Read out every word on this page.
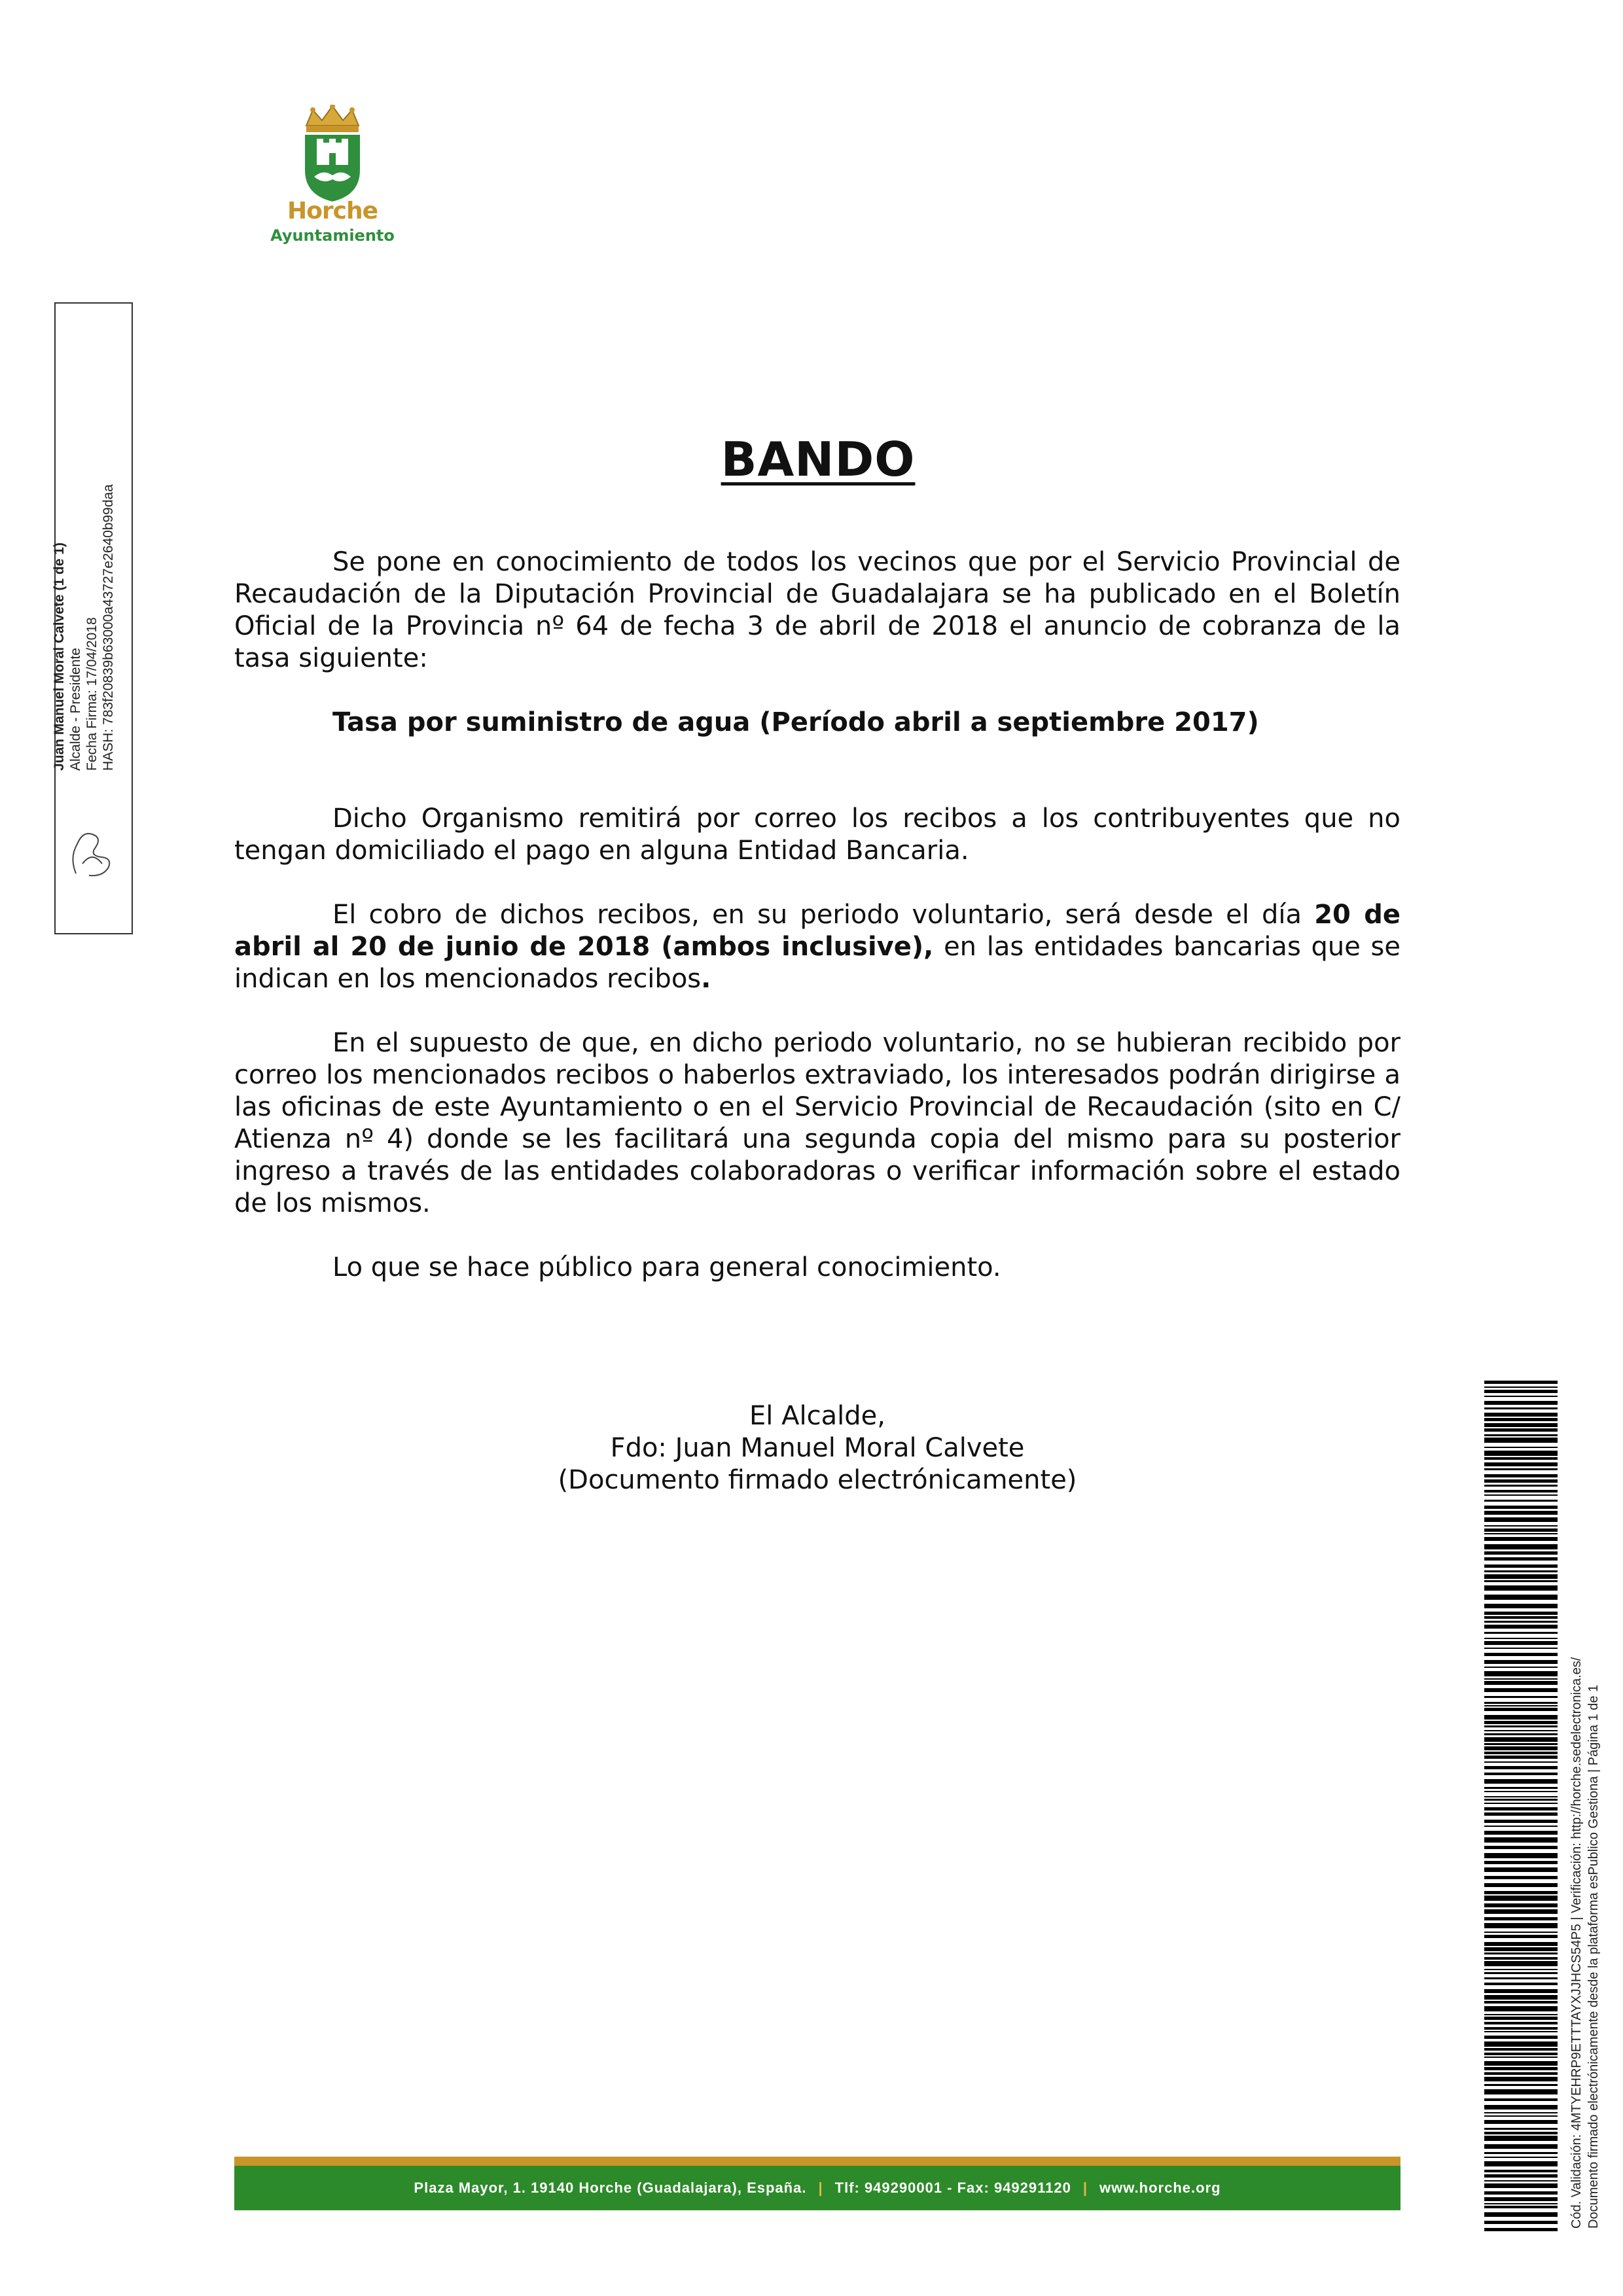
Horche
Ayuntamiento
Juan Manuel Moral Calvete (1 de 1) Alcalde - Presidente Fecha Firma: 17/04/2018 HASH: 783f20839b63000a43727e2640b99daa
BANDO

Se pone en conocimiento de todos los vecinos que por el Servicio Provincial de Recaudación de la Diputación Provincial de Guadalajara se ha publicado en el Boletín Oficial de la Provincia nº 64 de fecha 3 de abril de 2018 el anuncio de cobranza de la tasa siguiente:

Tasa por suministro de agua (Período abril a septiembre 2017)

Dicho Organismo remitirá por correo los recibos a los contribuyentes que no tengan domiciliado el pago en alguna Entidad Bancaria.

El cobro de dichos recibos, en su periodo voluntario, será desde el día 20 de abril al 20 de junio de 2018 (ambos inclusive), en las entidades bancarias que se indican en los mencionados recibos.

En el supuesto de que, en dicho periodo voluntario, no se hubieran recibido por correo los mencionados recibos o haberlos extraviado, los interesados podrán dirigirse a las oficinas de este Ayuntamiento o en el Servicio Provincial de Recaudación (sito en C/ Atienza nº 4) donde se les facilitará una segunda copia del mismo para su posterior ingreso a través de las entidades colaboradoras o verificar información sobre el estado de los mismos.

Lo que se hace público para general conocimiento.

El Alcalde,
Fdo: Juan Manuel Moral Calvete
(Documento firmado electrónicamente)
Plaza Mayor, 1. 19140 Horche (Guadalajara), España. | Tlf: 949290001 - Fax: 949291120 | www.horche.org	Cód. Validación: 4MTYEHRP9ETTTAYXJJHCS54P5 | Verificación: http://horche.sedelectronica.es/ Documento firmado electrónicamente desde la plataforma esPublico Gestiona | Página 1 de 1
